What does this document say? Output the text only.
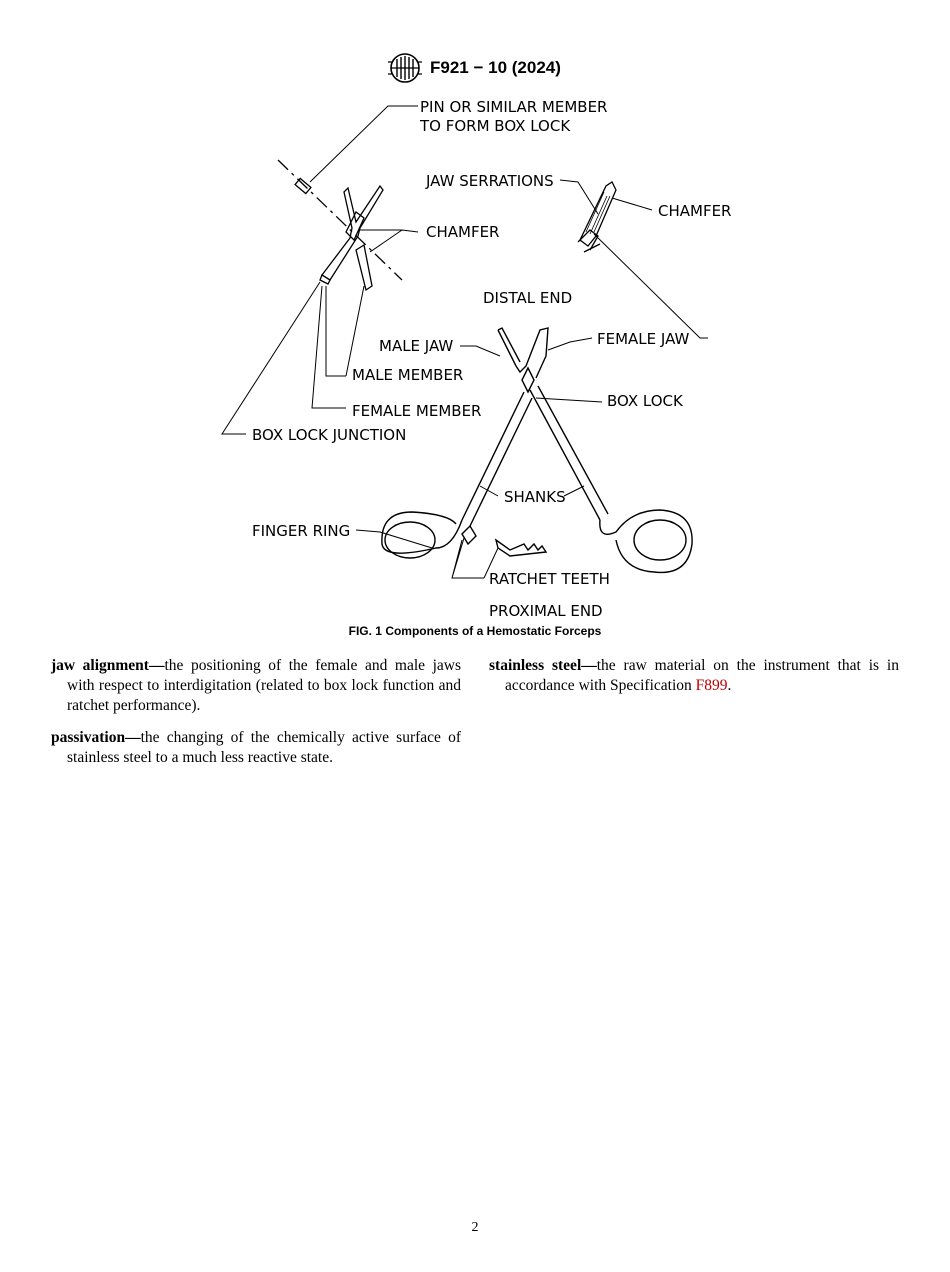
F921 − 10 (2024)
PIN OR SIMILAR MEMBER
TO FORM BOX LOCK
JAW SERRATIONS
CHAMFER
CHAMFER
DISTAL END
MALE JAW	FEMALE JAW
MALE MEMBER
BOX LOCK
FEMALE MEMBER
BOX LOCK JUNCTION
SHANKS
FINGER RING
RATCHET TEETH
PROXIMAL END
FIG. 1 Components of a Hemostatic Forceps

jaw alignment—the positioning of the female and male jaws with respect to interdigitation (related to box lock function and ratchet performance).

passivation—the changing of the chemically active surface of stainless steel to a much less reactive state.

stainless steel—the raw material on the instrument that is in accordance with Specification F899.

2
